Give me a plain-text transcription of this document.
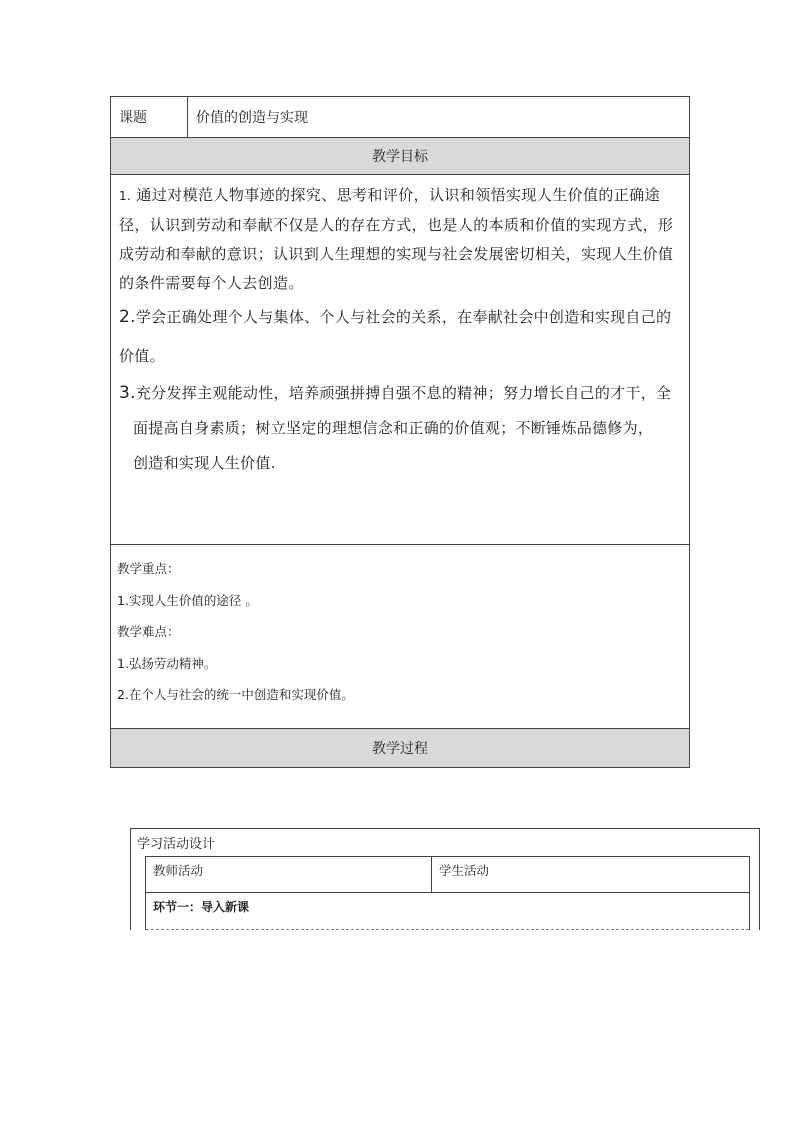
课题	价值的创造与实现
教学目标

1. 通过对模范人物事迹的探究、思考和评价，认识和领悟实现人生价值的正确途径，认识到劳动和奉献不仅是人的存在方式，也是人的本质和价值的实现方式，形成劳动和奉献的意识；认识到人生理想的实现与社会发展密切相关，实现人生价值的条件需要每个人去创造。

2.学会正确处理个人与集体、个人与社会的关系，在奉献社会中创造和实现自己的价值。

3.充分发挥主观能动性，培养顽强拼搏自强不息的精神；努力增长自己的才干，全
面提高自身素质；树立坚定的理想信念和正确的价值观；不断锤炼品德修为，
创造和实现人生价值.

教学重点：

1.实现人生价值的途径 。

教学难点：

1.弘扬劳动精神。

2.在个人与社会的统一中创造和实现价值。

教学过程
学习活动设计
教师活动	学生活动
环节一：导入新课
